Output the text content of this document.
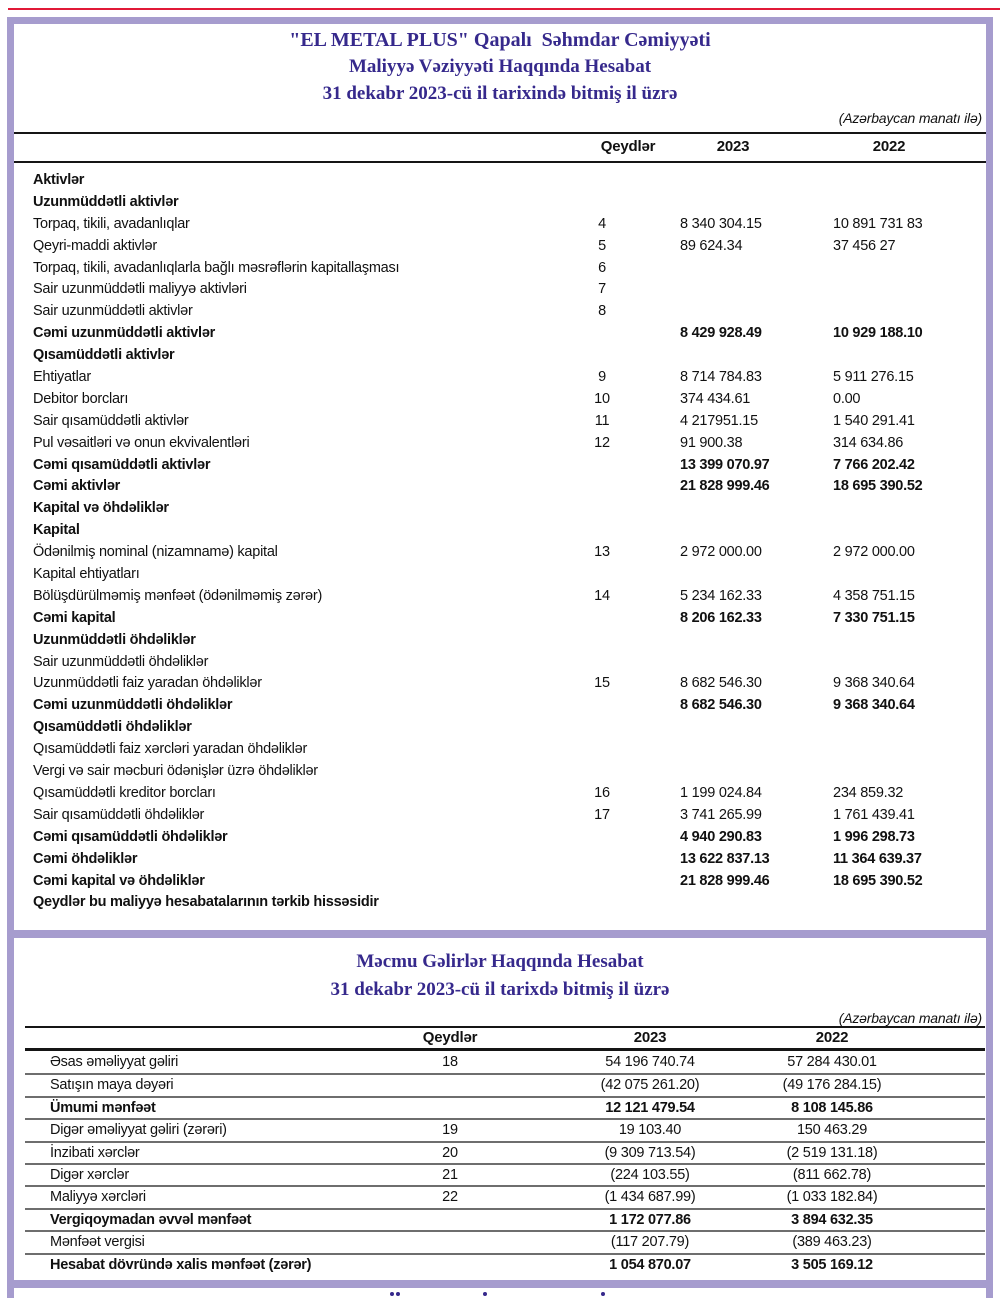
"EL METAL PLUS" Qapalı  Səhmdar Cəmiyyəti
Maliyyə Vəziyyəti Haqqında Hesabat
31 dekabr 2023-cü il tarixində bitmiş il üzrə
(Azərbaycan manatı ilə)
Qeydlər	2023	2022
Aktivlər
Uzunmüddətli aktivlər
Torpaq, tikili, avadanlıqlar	4	8 340 304.15	10 891 731 83
Qeyri-maddi aktivlər	5	89 624.34	37 456 27
Torpaq, tikili, avadanlıqlarla bağlı məsrəflərin kapitallaşması	6
Sair uzunmüddətli maliyyə aktivləri	7
Sair uzunmüddətli aktivlər	8
Cəmi uzunmüddətli aktivlər	8 429 928.49	10 929 188.10
Qısamüddətli aktivlər
Ehtiyatlar	9	8 714 784.83	5 911 276.15
Debitor borcları	10	374 434.61	0.00
Sair qısamüddətli aktivlər	11	4 217951.15	1 540 291.41
Pul vəsaitləri və onun ekvivalentləri	12	91 900.38	314 634.86
Cəmi qısamüddətli aktivlər	13 399 070.97	7 766 202.42
Cəmi aktivlər	21 828 999.46	18 695 390.52
Kapital və öhdəliklər
Kapital
Ödənilmiş nominal (nizamnamə) kapital	13	2 972 000.00	2 972 000.00
Kapital ehtiyatları
Bölüşdürülməmiş mənfəət (ödənilməmiş zərər)	14	5 234 162.33	4 358 751.15
Cəmi kapital	8 206 162.33	7 330 751.15
Uzunmüddətli öhdəliklər
Sair uzunmüddətli öhdəliklər
Uzunmüddətli faiz yaradan öhdəliklər	15	8 682 546.30	9 368 340.64
Cəmi uzunmüddətli öhdəliklər	8 682 546.30	9 368 340.64
Qısamüddətli öhdəliklər
Qısamüddətli faiz xərcləri yaradan öhdəliklər
Vergi və sair məcburi ödənişlər üzrə öhdəliklər
Qısamüddətli kreditor borcları	16	1 199 024.84	234 859.32
Sair qısamüddətli öhdəliklər	17	3 741 265.99	1 761 439.41
Cəmi qısamüddətli öhdəliklər	4 940 290.83	1 996 298.73
Cəmi öhdəliklər	13 622 837.13	11 364 639.37
Cəmi kapital və öhdəliklər	21 828 999.46	18 695 390.52
Qeydlər bu maliyyə hesabatalarının tərkib hissəsidir
Məcmu Gəlirlər Haqqında Hesabat
31 dekabr 2023-cü il tarixdə bitmiş il üzrə
(Azərbaycan manatı ilə)
Qeydlər	2023	2022
Əsas əməliyyat gəliri	18	54 196 740.74	57 284 430.01
Satışın maya dəyəri	(42 075 261.20)	(49 176 284.15)
Ümumi mənfəət	12 121 479.54	8 108 145.86
Digər əməliyyat gəliri (zərəri)	19	19 103.40	150 463.29
İnzibati xərclər	20	(9 309 713.54)	(2 519 131.18)
Digər xərclər	21	(224 103.55)	(811 662.78)
Maliyyə xərcləri	22	(1 434 687.99)	(1 033 182.84)
Vergiqoymadan əvvəl mənfəət	1 172 077.86	3 894 632.35
Mənfəət vergisi	(117 207.79)	(389 463.23)
Hesabat dövründə xalis mənfəət (zərər)	1 054 870.07	3 505 169.12
